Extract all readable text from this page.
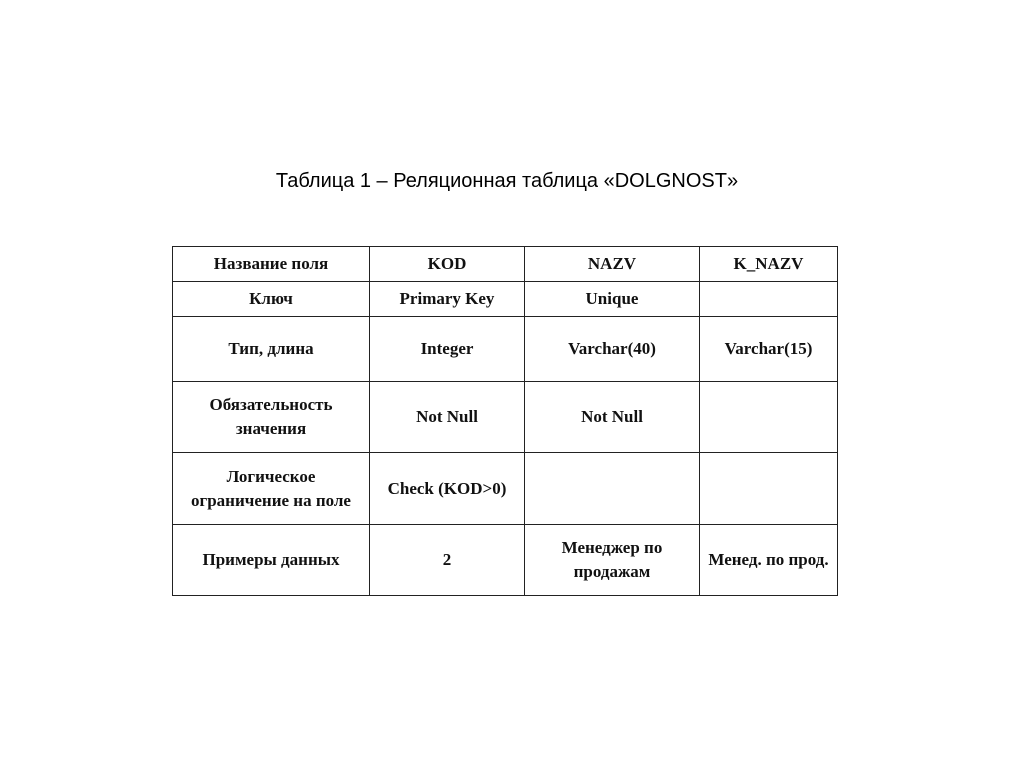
Таблица 1 – Реляционная таблица «DOLGNOST»
Название поля	KOD	NAZV	K_NAZV
Ключ	Primary Key	Unique	
Тип, длина	Integer	Varchar(40)	Varchar(15)
Обязательность значения	Not Null	Not Null	
Логическое ограничение на поле	Check (KOD>0)		
Примеры данных	2	Менеджер по продажам	Менед. по прод.
